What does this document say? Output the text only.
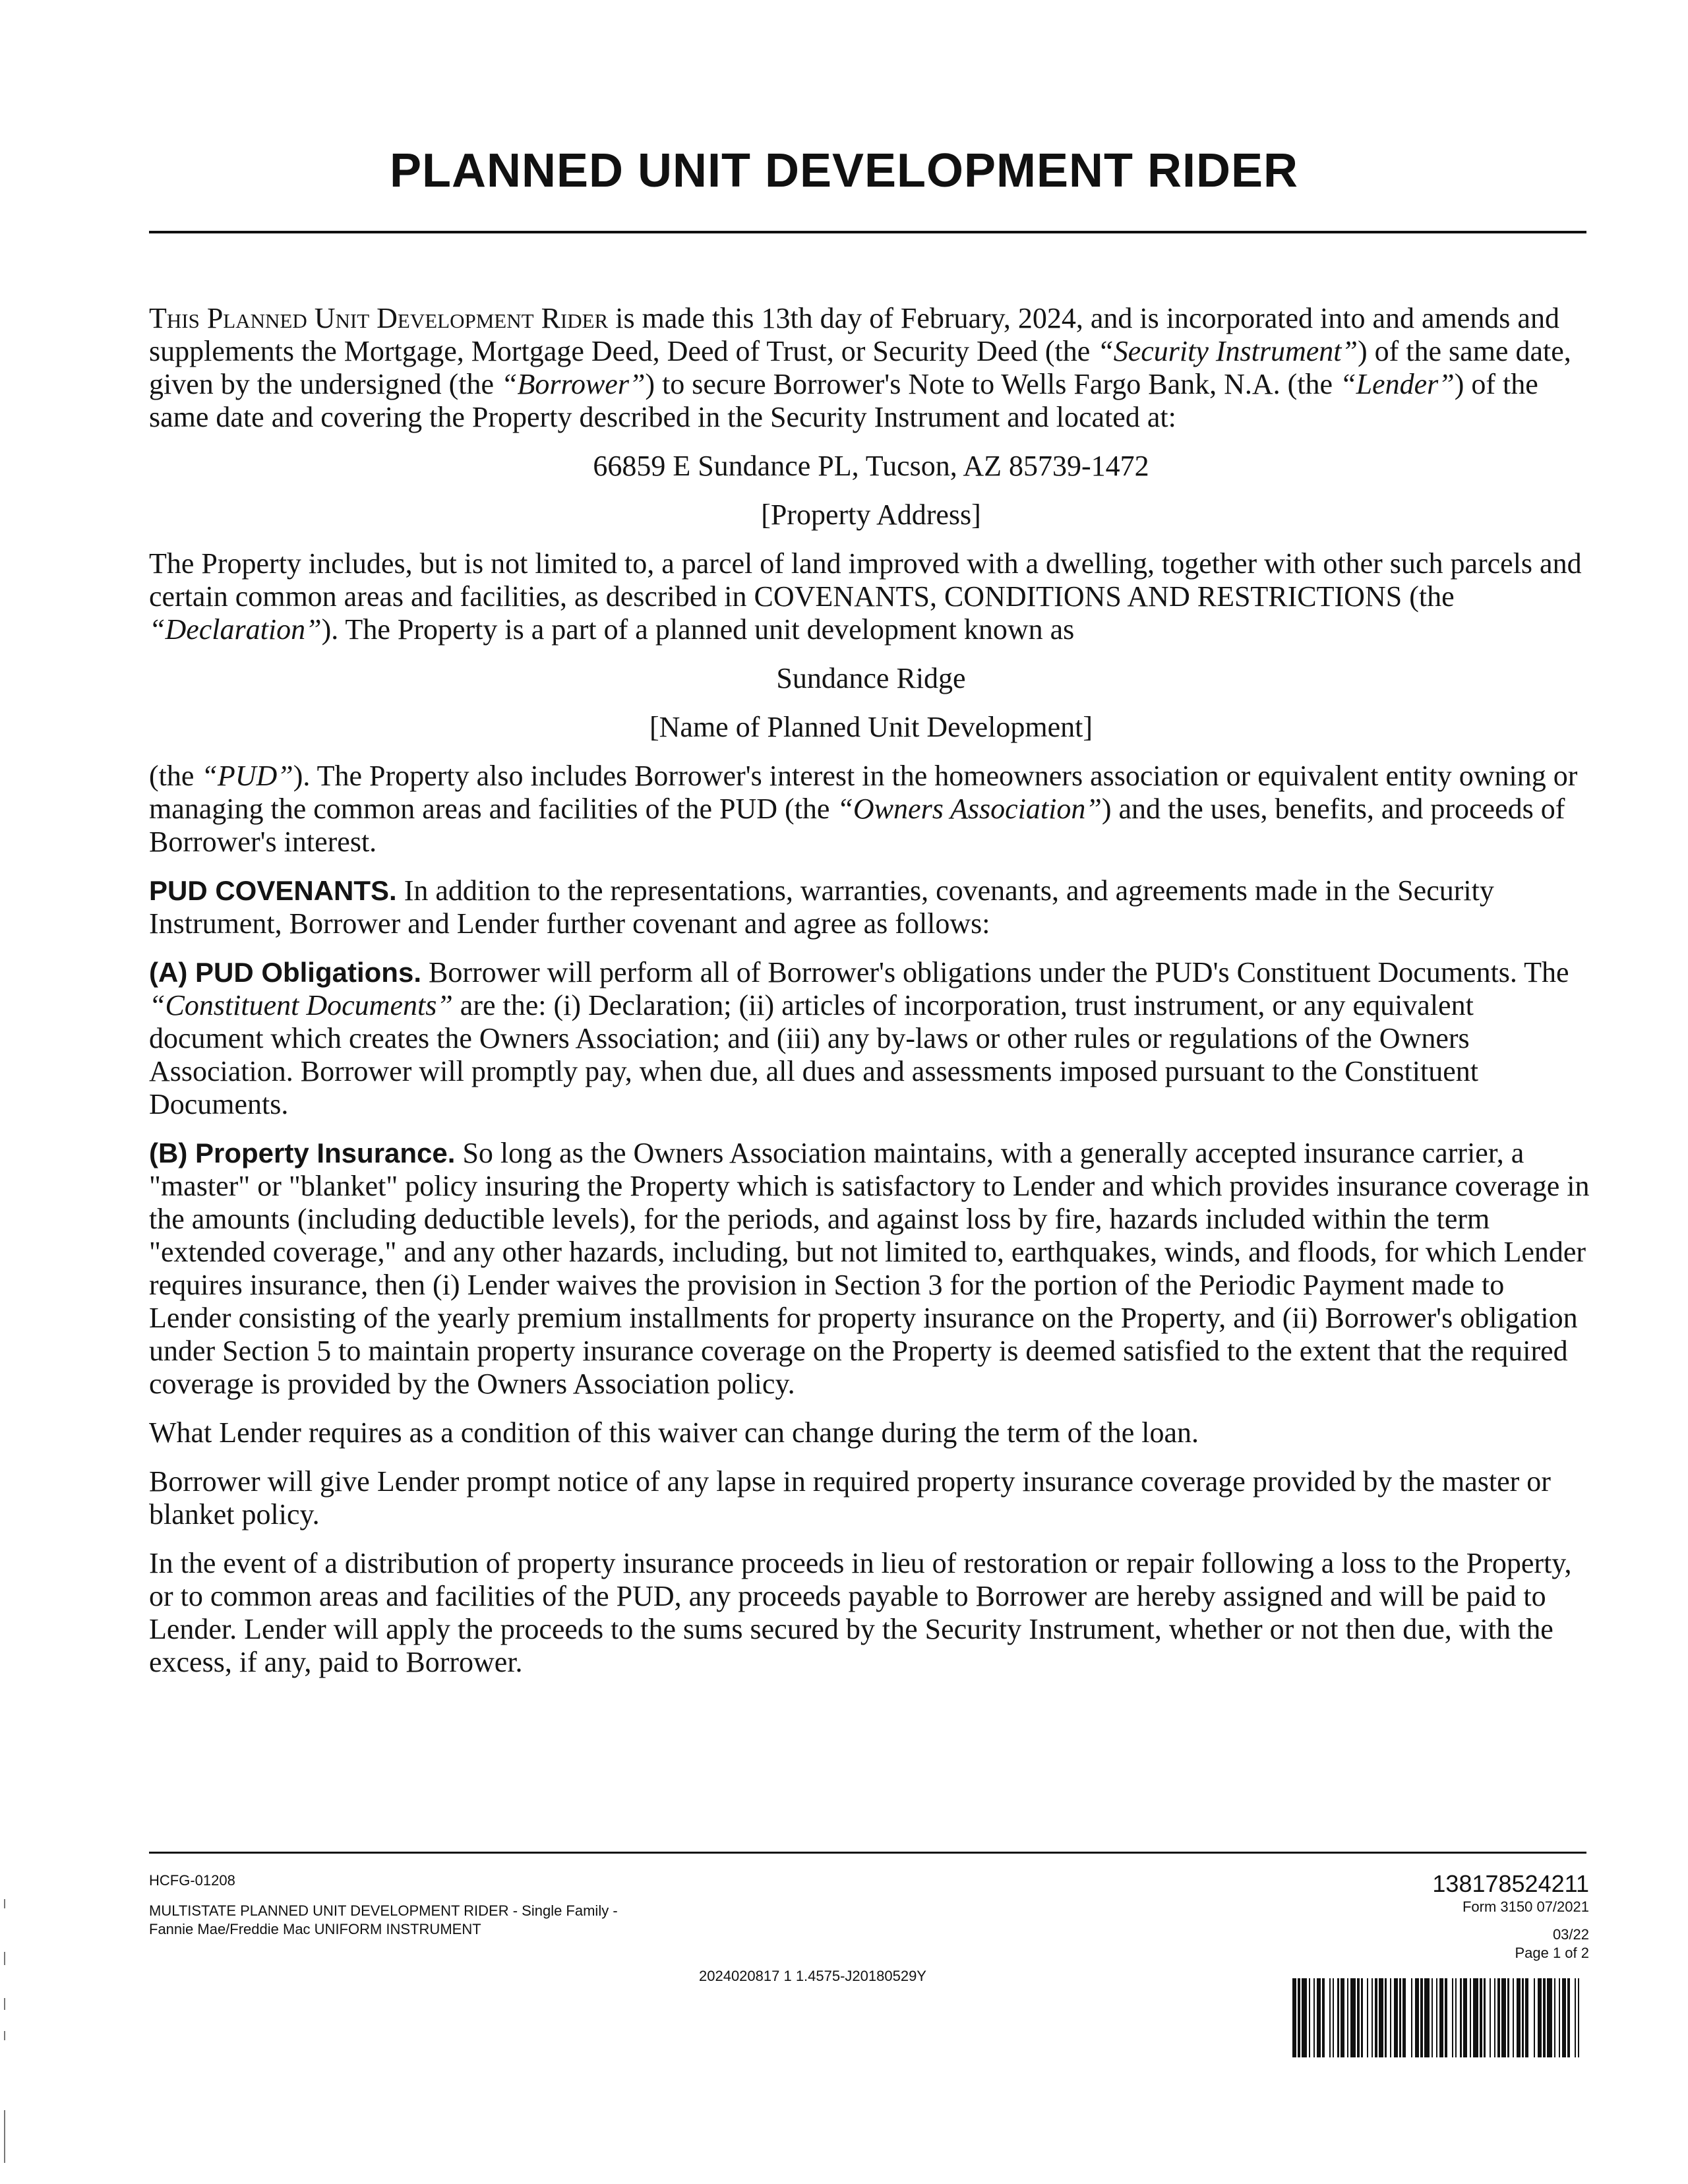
PLANNED UNIT DEVELOPMENT RIDER

This Planned Unit Development Rider is made this 13th day of February, 2024, and is incorporated into and amends and supplements the Mortgage, Mortgage Deed, Deed of Trust, or Security Deed (the “Security Instrument”) of the same date, given by the undersigned (the “Borrower”) to secure Borrower's Note to Wells Fargo Bank, N.A. (the “Lender”) of the same date and covering the Property described in the Security Instrument and located at:

66859 E Sundance PL, Tucson, AZ 85739-1472
[Property Address]

The Property includes, but is not limited to, a parcel of land improved with a dwelling, together with other such parcels and certain common areas and facilities, as described in COVENANTS, CONDITIONS AND RESTRICTIONS (the “Declaration”). The Property is a part of a planned unit development known as

Sundance Ridge
[Name of Planned Unit Development]

(the “PUD”). The Property also includes Borrower's interest in the homeowners association or equivalent entity owning or managing the common areas and facilities of the PUD (the “Owners Association”) and the uses, benefits, and proceeds of Borrower's interest.

PUD COVENANTS. In addition to the representations, warranties, covenants, and agreements made in the Security Instrument, Borrower and Lender further covenant and agree as follows:

(A) PUD Obligations. Borrower will perform all of Borrower's obligations under the PUD's Constituent Documents. The “Constituent Documents” are the: (i) Declaration; (ii) articles of incorporation, trust instrument, or any equivalent document which creates the Owners Association; and (iii) any by-laws or other rules or regulations of the Owners Association. Borrower will promptly pay, when due, all dues and assessments imposed pursuant to the Constituent Documents.

(B) Property Insurance. So long as the Owners Association maintains, with a generally accepted insurance carrier, a "master" or "blanket" policy insuring the Property which is satisfactory to Lender and which provides insurance coverage in the amounts (including deductible levels), for the periods, and against loss by fire, hazards included within the term "extended coverage," and any other hazards, including, but not limited to, earthquakes, winds, and floods, for which Lender requires insurance, then (i) Lender waives the provision in Section 3 for the portion of the Periodic Payment made to Lender consisting of the yearly premium installments for property insurance on the Property, and (ii) Borrower's obligation under Section 5 to maintain property insurance coverage on the Property is deemed satisfied to the extent that the required coverage is provided by the Owners Association policy.

What Lender requires as a condition of this waiver can change during the term of the loan.

Borrower will give Lender prompt notice of any lapse in required property insurance coverage provided by the master or blanket policy.

In the event of a distribution of property insurance proceeds in lieu of restoration or repair following a loss to the Property, or to common areas and facilities of the PUD, any proceeds payable to Borrower are hereby assigned and will be paid to Lender. Lender will apply the proceeds to the sums secured by the Security Instrument, whether or not then due, with the excess, if any, paid to Borrower.

HCFG-01208
MULTISTATE PLANNED UNIT DEVELOPMENT RIDER - Single Family -
Fannie Mae/Freddie Mac UNIFORM INSTRUMENT
2024020817 1 1.4575-J20180529Y
138178524211
Form 3150 07/2021
03/22
Page 1 of 2
